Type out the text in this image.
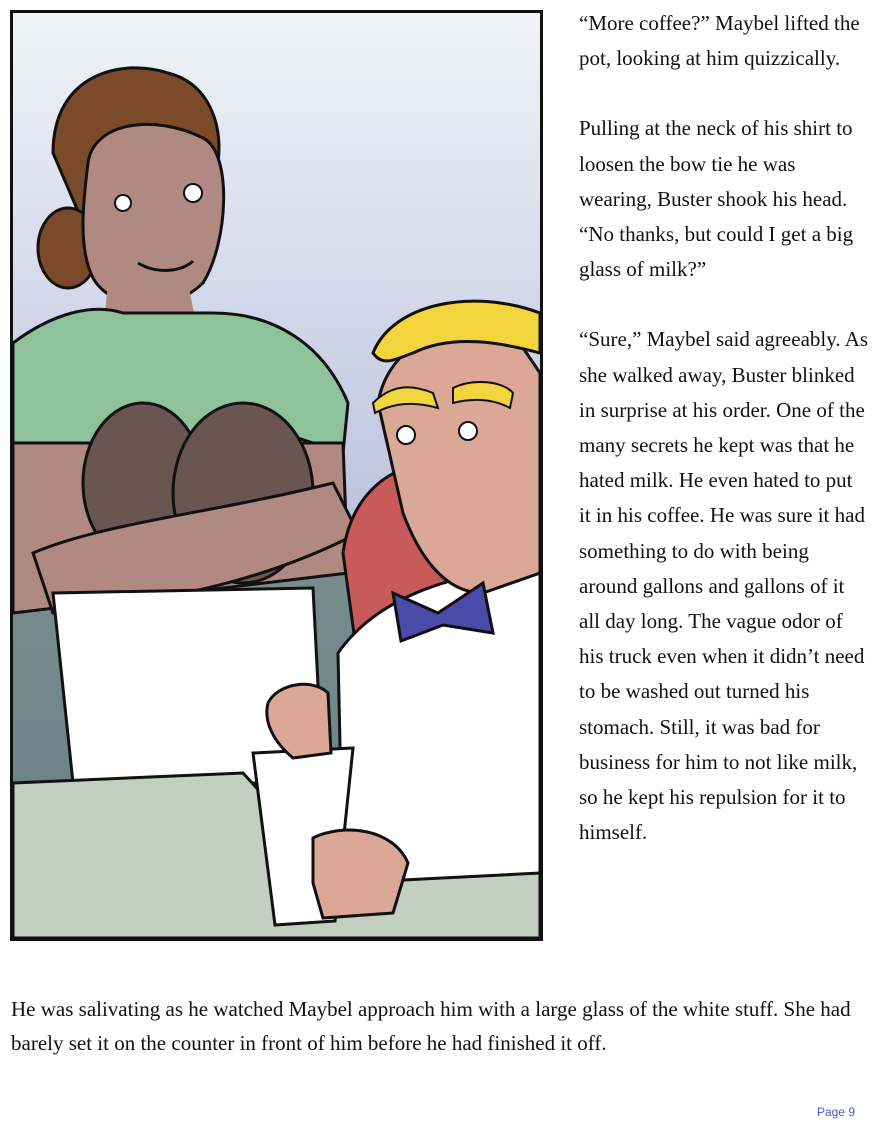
“More coffee?” Maybel lifted the pot, looking at him quizzically.

Pulling at the neck of his shirt to loosen the bow tie he was wearing, Buster shook his head. “No thanks, but could I get a big glass of milk?”

“Sure,” Maybel said agreeably. As she walked away, Buster blinked in surprise at his order. One of the many secrets he kept was that he hated milk. He even hated to put it in his coffee. He was sure it had something to do with being around gallons and gallons of it all day long. The vague odor of his truck even when it didn’t need to be washed out turned his stomach. Still, it was bad for business for him to not like milk, so he kept his repulsion for it to himself.

He was salivating as he watched Maybel approach him with a large glass of the white stuff. She had barely set it on the counter in front of him before he had finished it off.

Page 9
